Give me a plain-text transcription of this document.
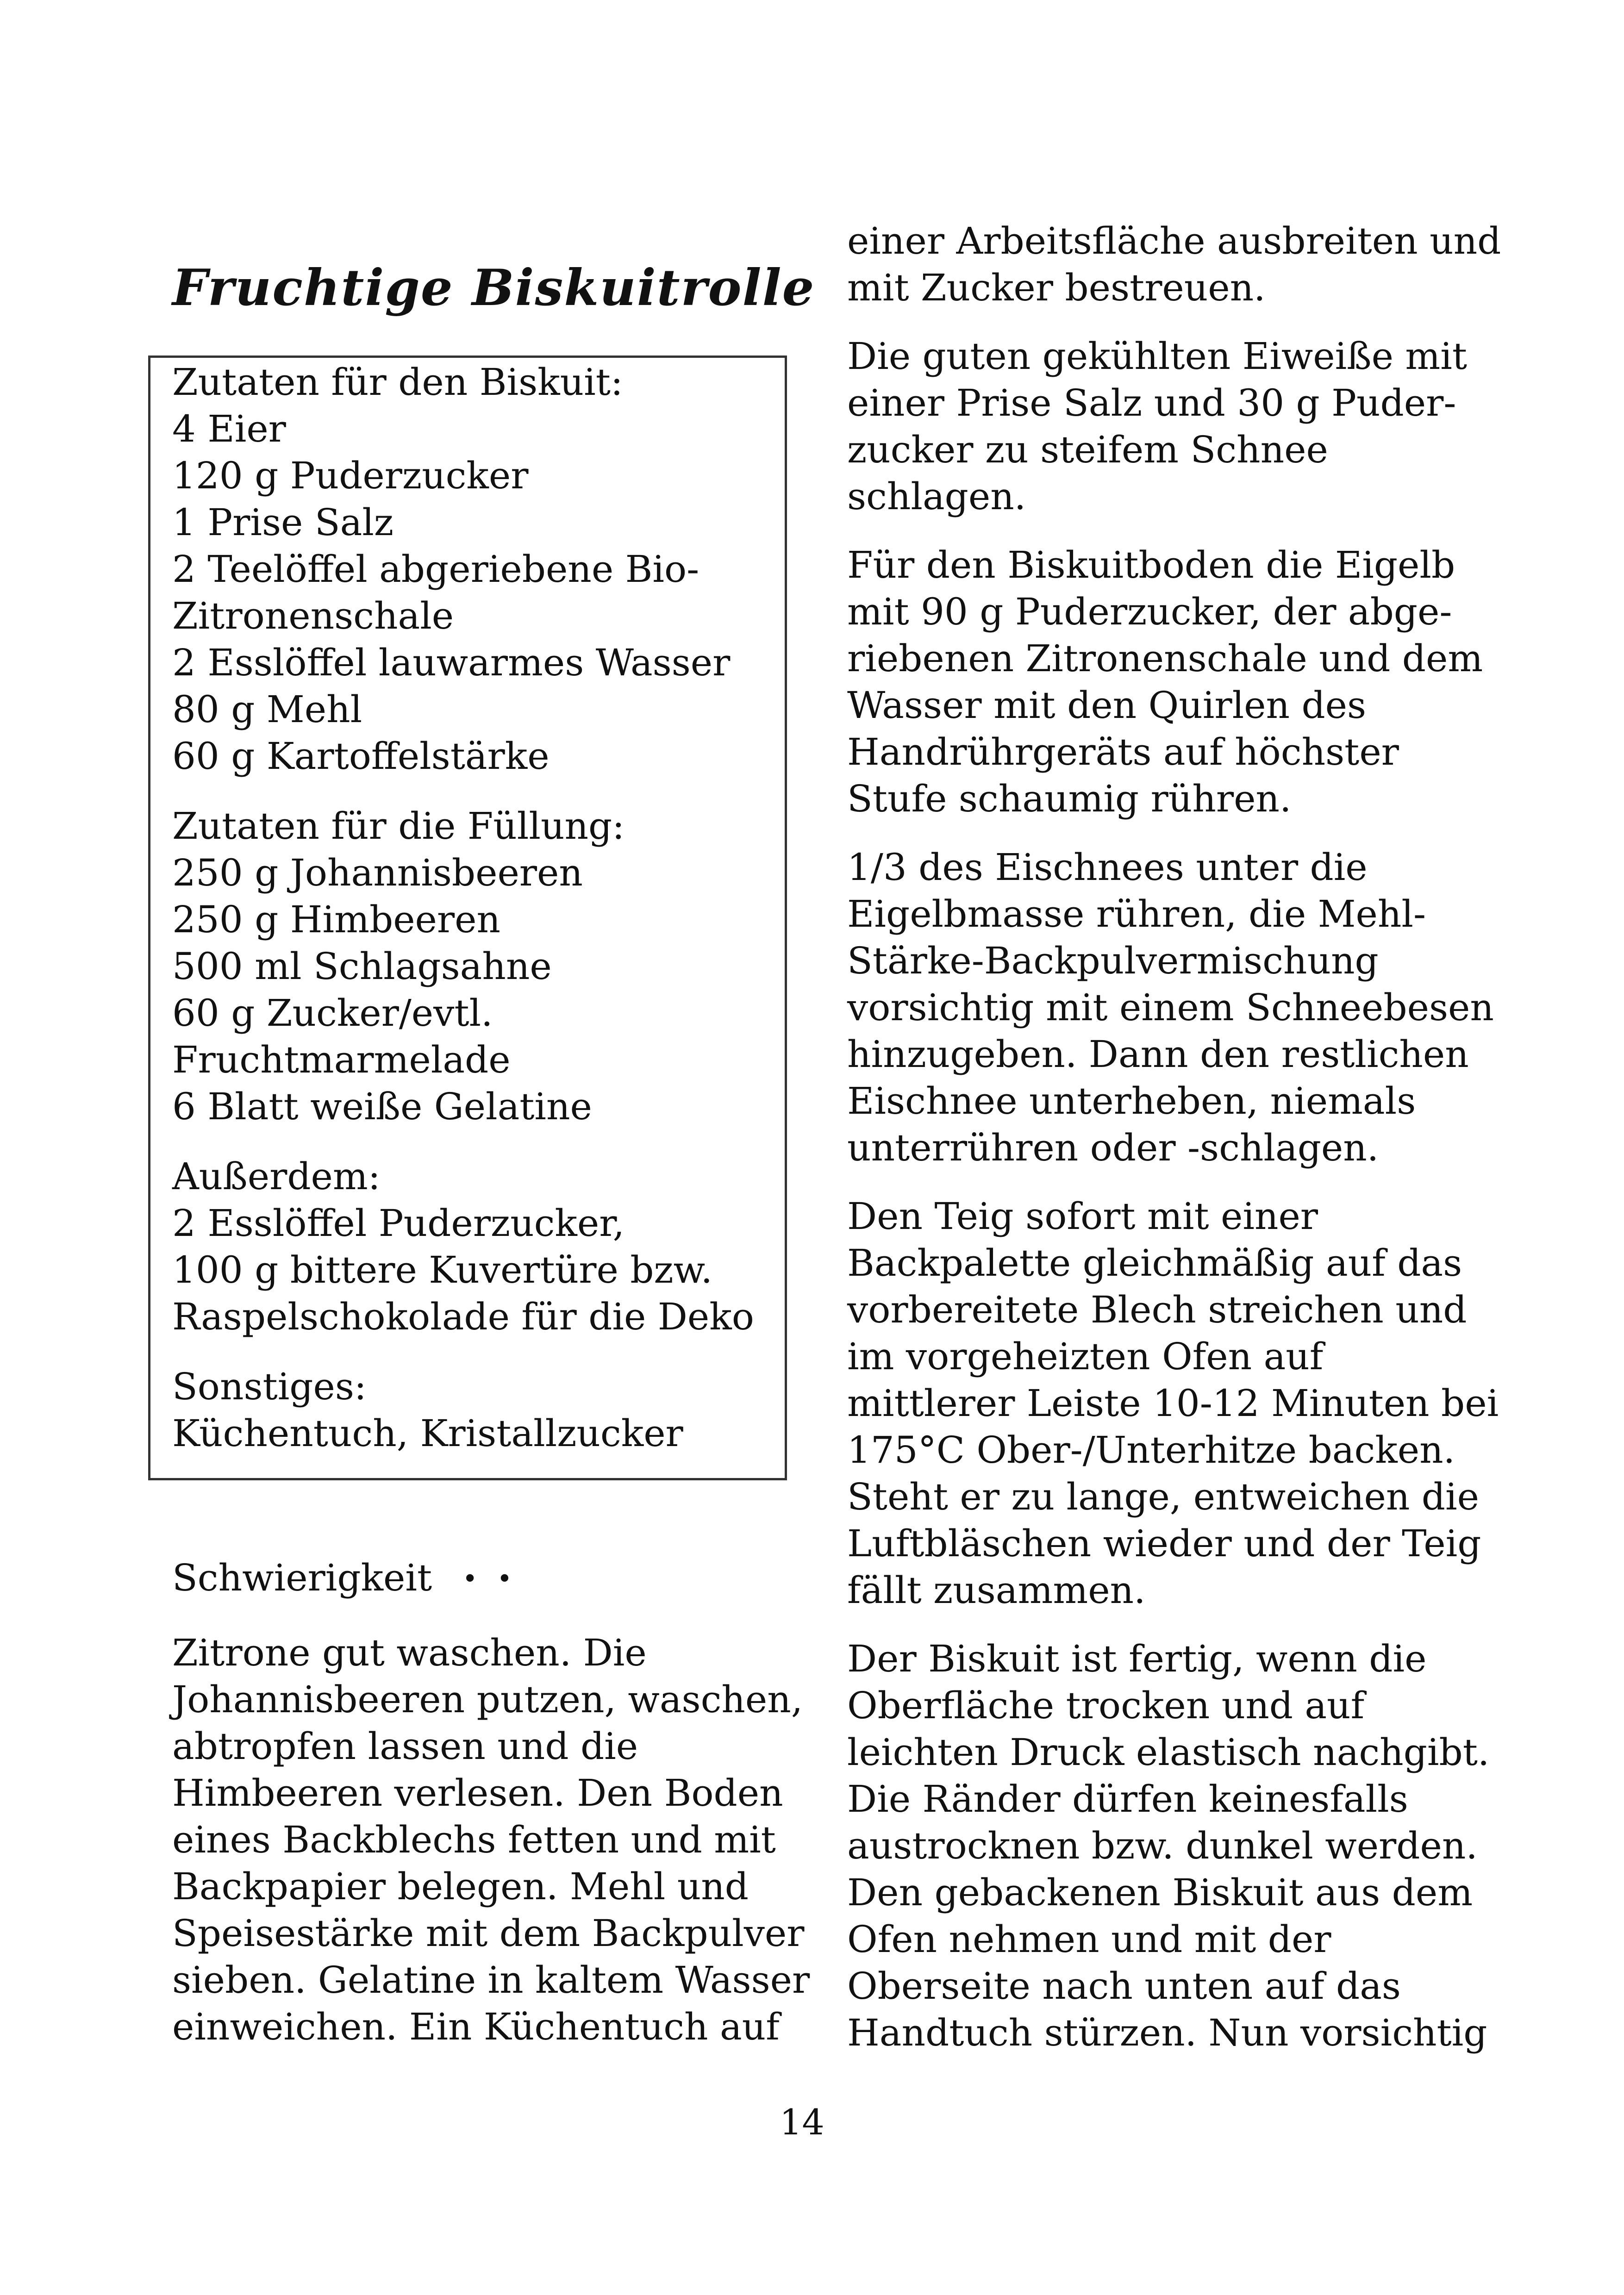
Fruchtige Biskuitrolle
Zutaten für den Biskuit:
4 Eier
120 g Puderzucker
1 Prise Salz
2 Teelöffel abgeriebene Bio-
Zitronenschale
2 Esslöffel lauwarmes Wasser
80 g Mehl
60 g Kartoffelstärke
Zutaten für die Füllung:
250 g Johannisbeeren
250 g Himbeeren
500 ml Schlagsahne
60 g Zucker/evtl.
Fruchtmarmelade
6 Blatt weiße Gelatine
Außerdem:
2 Esslöffel Puderzucker,
100 g bittere Kuvertüre bzw.
Raspelschokolade für die Deko
Sonstiges:
Küchentuch, Kristallzucker
Schwierigkeit • •

Zitrone gut waschen. Die
Johannisbeeren putzen, waschen,
abtropfen lassen und die
Himbeeren verlesen. Den Boden
eines Backblechs fetten und mit
Backpapier belegen. Mehl und
Speisestärke mit dem Backpulver
sieben. Gelatine in kaltem Wasser
einweichen. Ein Küchentuch auf

einer Arbeitsfläche ausbreiten und
mit Zucker bestreuen.

Die guten gekühlten Eiweiße mit
einer Prise Salz und 30 g Puder-
zucker zu steifem Schnee
schlagen.

Für den Biskuitboden die Eigelb
mit 90 g Puderzucker, der abge-
riebenen Zitronenschale und dem
Wasser mit den Quirlen des
Handrührgeräts auf höchster
Stufe schaumig rühren.

1/3 des Eischnees unter die
Eigelbmasse rühren, die Mehl-
Stärke-Backpulvermischung
vorsichtig mit einem Schneebesen
hinzugeben. Dann den restlichen
Eischnee unterheben, niemals
unterrühren oder -schlagen.

Den Teig sofort mit einer
Backpalette gleichmäßig auf das
vorbereitete Blech streichen und
im vorgeheizten Ofen auf
mittlerer Leiste 10-12 Minuten bei
175°C Ober-/Unterhitze backen.
Steht er zu lange, entweichen die
Luftbläschen wieder und der Teig
fällt zusammen.

Der Biskuit ist fertig, wenn die
Oberfläche trocken und auf
leichten Druck elastisch nachgibt.
Die Ränder dürfen keinesfalls
austrocknen bzw. dunkel werden.
Den gebackenen Biskuit aus dem
Ofen nehmen und mit der
Oberseite nach unten auf das
Handtuch stürzen. Nun vorsichtig

14
